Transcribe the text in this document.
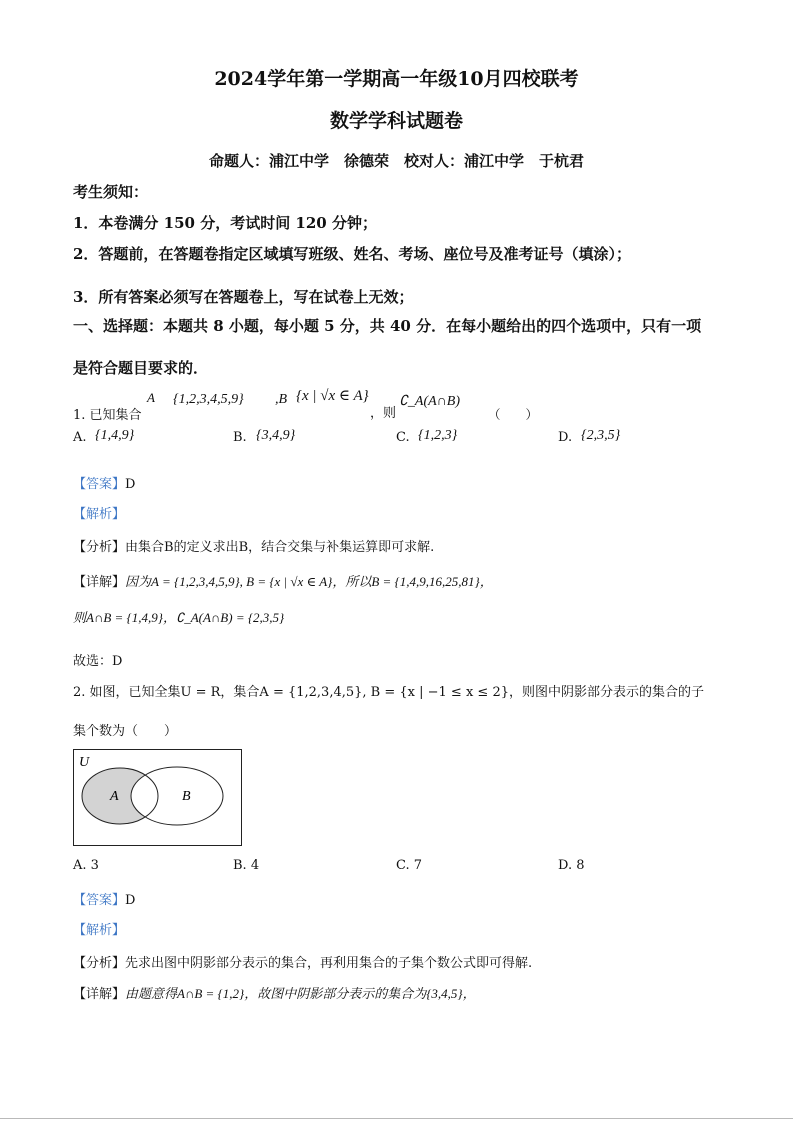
2024学年第一学期高一年级10月四校联考
数学学科试题卷
命题人：浦江中学　徐德荣　校对人：浦江中学　于杭君
考生须知：
1．本卷满分 150 分，考试时间 120 分钟；
2．答题前，在答题卷指定区域填写班级、姓名、考场、座位号及准考证号（填涂）；
3．所有答案必须写在答题卷上，写在试卷上无效；
一、选择题：本题共 8 小题，每小题 5 分，共 40 分．在每小题给出的四个选项中，只有一项
是符合题目要求的．
1. 已知集合
A {1,2,3,4,5,9} ,B {x | √x ∈ A}
，则
∁_A(A∩B)
（　　）
A. {1,4,9}	B. {3,4,9}	C. {1,2,3}	D. {2,3,5}
【答案】D
【解析】
【分析】由集合B的定义求出B，结合交集与补集运算即可求解.
【详解】因为A = {1,2,3,4,5,9}, B = {x | √x ∈ A}，所以B = {1,4,9,16,25,81}，
则A∩B = {1,4,9}，∁_A(A∩B) = {2,3,5}
故选：D
2. 如图，已知全集U = R，集合A = {1,2,3,4,5}, B = {x | −1 ≤ x ≤ 2}，则图中阴影部分表示的集合的子
集个数为（　　）
U
A	B
A. 3	B. 4	C. 7	D. 8
【答案】D
【解析】
【分析】先求出图中阴影部分表示的集合，再利用集合的子集个数公式即可得解.
【详解】由题意得A∩B = {1,2}，故图中阴影部分表示的集合为{3,4,5}，
